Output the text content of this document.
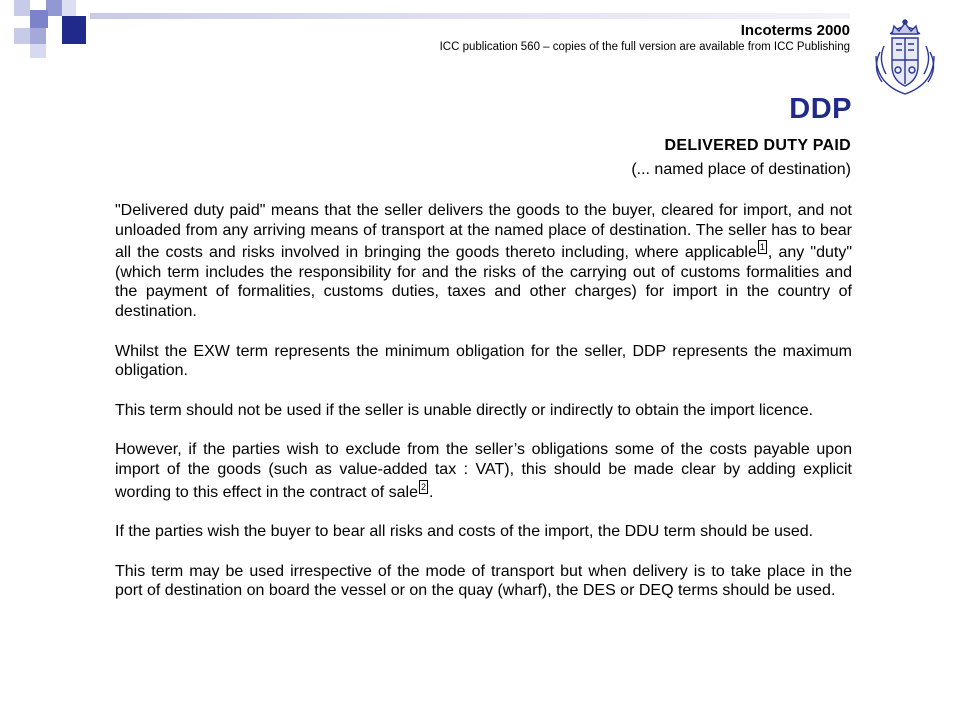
Incoterms 2000
ICC publication 560 – copies of the full version are available from ICC Publishing
DDP
DELIVERED DUTY PAID
(... named place of destination)

"Delivered duty paid" means that the seller delivers the goods to the buyer, cleared for import, and not unloaded from any arriving means of transport at the named place of destination. The seller has to bear all the costs and risks involved in bringing the goods thereto including, where applicable 1 , any "duty" (which term includes the responsibility for and the risks of the carrying out of customs formalities and the payment of formalities, customs duties, taxes and other charges) for import in the country of destination.

Whilst the EXW term represents the minimum obligation for the seller, DDP represents the maximum obligation.

This term should not be used if the seller is unable directly or indirectly to obtain the import licence.

However, if the parties wish to exclude from the seller’s obligations some of the costs payable upon import of the goods (such as value-added tax : VAT), this should be made clear by adding explicit wording to this effect in the contract of sale 2 .

If the parties wish the buyer to bear all risks and costs of the import, the DDU term should be used.

This term may be used irrespective of the mode of transport but when delivery is to take place in the port of destination on board the vessel or on the quay (wharf), the DES or DEQ terms should be used.
